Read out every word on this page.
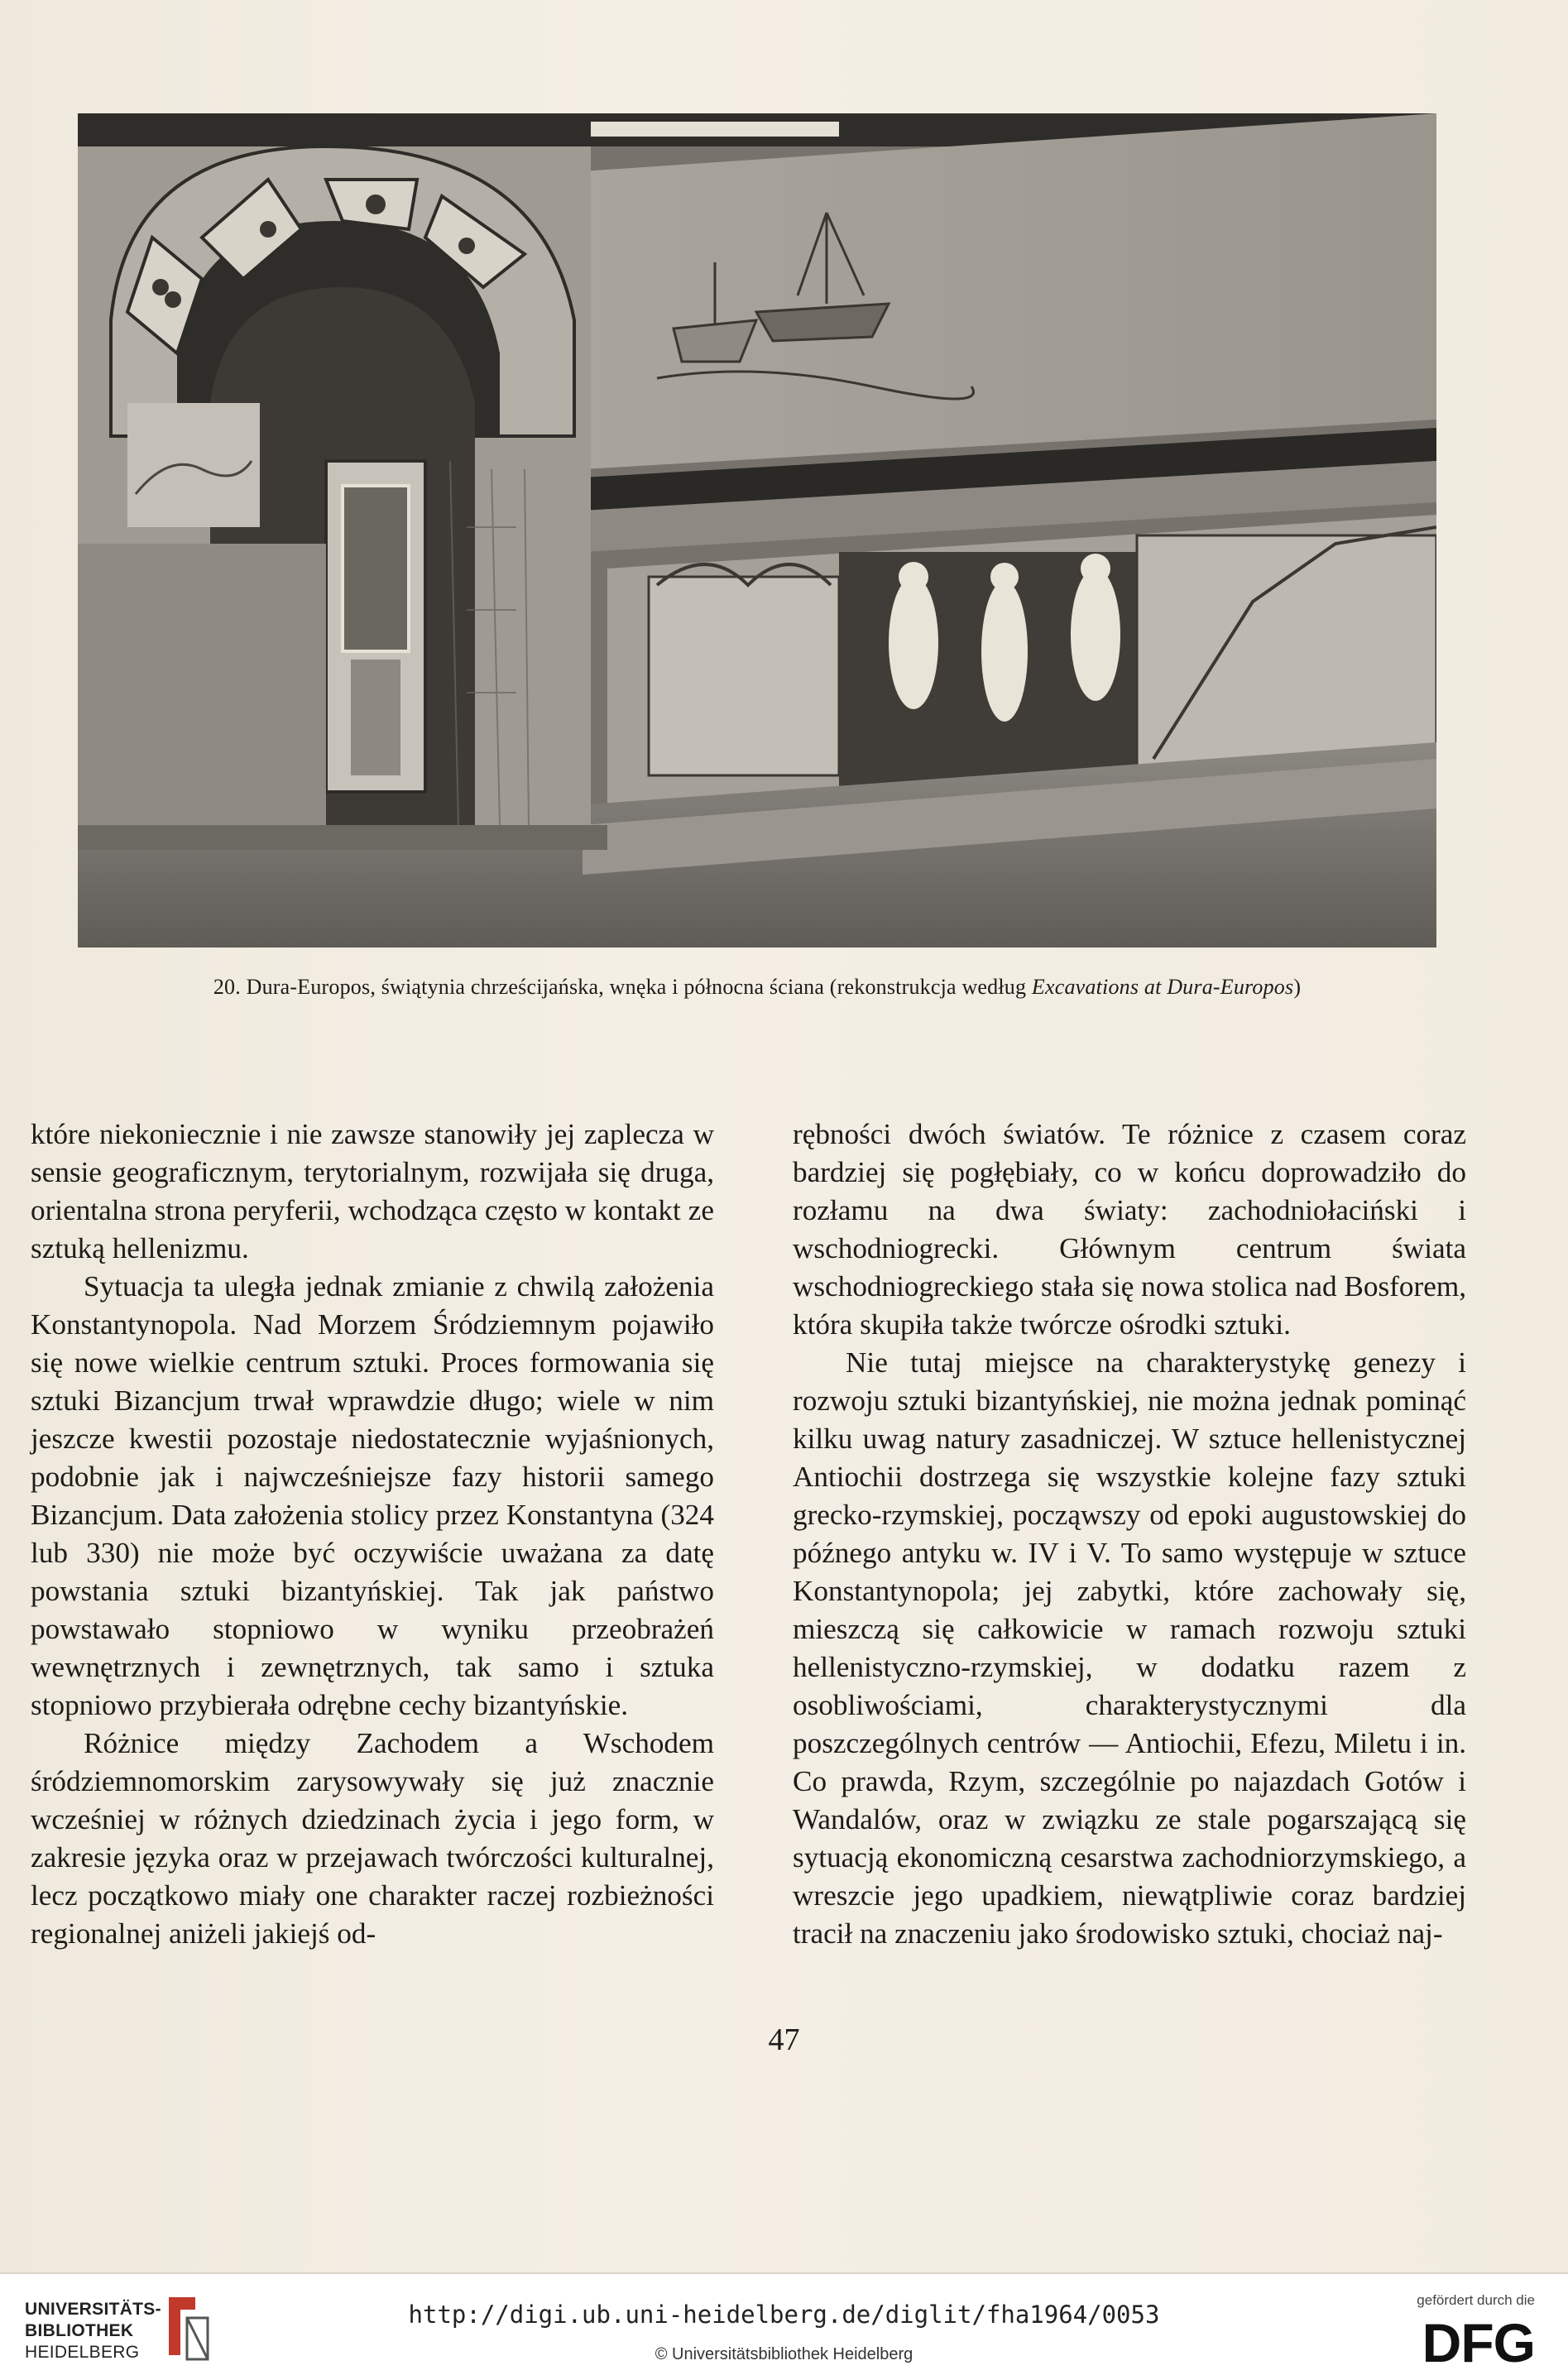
20. Dura-Europos, świątynia chrześcijańska, wnęka i północna ściana (rekonstrukcja według Excavations at Dura-Europos)

które niekoniecznie i nie zawsze stanowiły jej zaplecza w sensie geograficznym, terytorialnym, rozwijała się druga, orientalna strona peryferii, wchodząca często w kontakt ze sztuką hellenizmu.

Sytuacja ta uległa jednak zmianie z chwilą założenia Konstantynopola. Nad Morzem Śródziemnym pojawiło się nowe wielkie centrum sztuki. Proces formowania się sztuki Bizancjum trwał wprawdzie długo; wiele w nim jeszcze kwestii pozostaje niedostatecznie wyjaśnionych, podobnie jak i najwcześniejsze fazy historii samego Bizancjum. Data założenia stolicy przez Konstantyna (324 lub 330) nie może być oczywiście uważana za datę powstania sztuki bizantyńskiej. Tak jak państwo powstawało stopniowo w wyniku przeobrażeń wewnętrznych i zewnętrznych, tak samo i sztuka stopniowo przybierała odrębne cechy bizantyńskie.

Różnice między Zachodem a Wschodem śródziemnomorskim zarysowywały się już znacznie wcześniej w różnych dziedzinach życia i jego form, w zakresie języka oraz w przejawach twórczości kulturalnej, lecz początkowo miały one charakter raczej rozbieżności regionalnej aniżeli jakiejś od-

rębności dwóch światów. Te różnice z czasem coraz bardziej się pogłębiały, co w końcu doprowadziło do rozłamu na dwa światy: zachodniołaciński i wschodniogrecki. Głównym centrum świata wschodniogreckiego stała się nowa stolica nad Bosforem, która skupiła także twórcze ośrodki sztuki.

Nie tutaj miejsce na charakterystykę genezy i rozwoju sztuki bizantyńskiej, nie można jednak pominąć kilku uwag natury zasadniczej. W sztuce hellenistycznej Antiochii dostrzega się wszystkie kolejne fazy sztuki grecko-rzymskiej, począwszy od epoki augustowskiej do późnego antyku w. IV i V. To samo występuje w sztuce Konstantynopola; jej zabytki, które zachowały się, mieszczą się całkowicie w ramach rozwoju sztuki hellenistyczno-rzymskiej, w dodatku razem z osobliwościami, charakterystycznymi dla poszczególnych centrów — Antiochii, Efezu, Miletu i in. Co prawda, Rzym, szczególnie po najazdach Gotów i Wandalów, oraz w związku ze stale pogarszającą się sytuacją ekonomiczną cesarstwa zachodniorzymskiego, a wreszcie jego upadkiem, niewątpliwie coraz bardziej tracił na znaczeniu jako środowisko sztuki, chociaż naj-

47
UNIVERSITÄTS-
BIBLIOTHEK
HEIDELBERG
http://digi.ub.uni-heidelberg.de/diglit/fha1964/0053
© Universitätsbibliothek Heidelberg
gefördert durch die
DFG
